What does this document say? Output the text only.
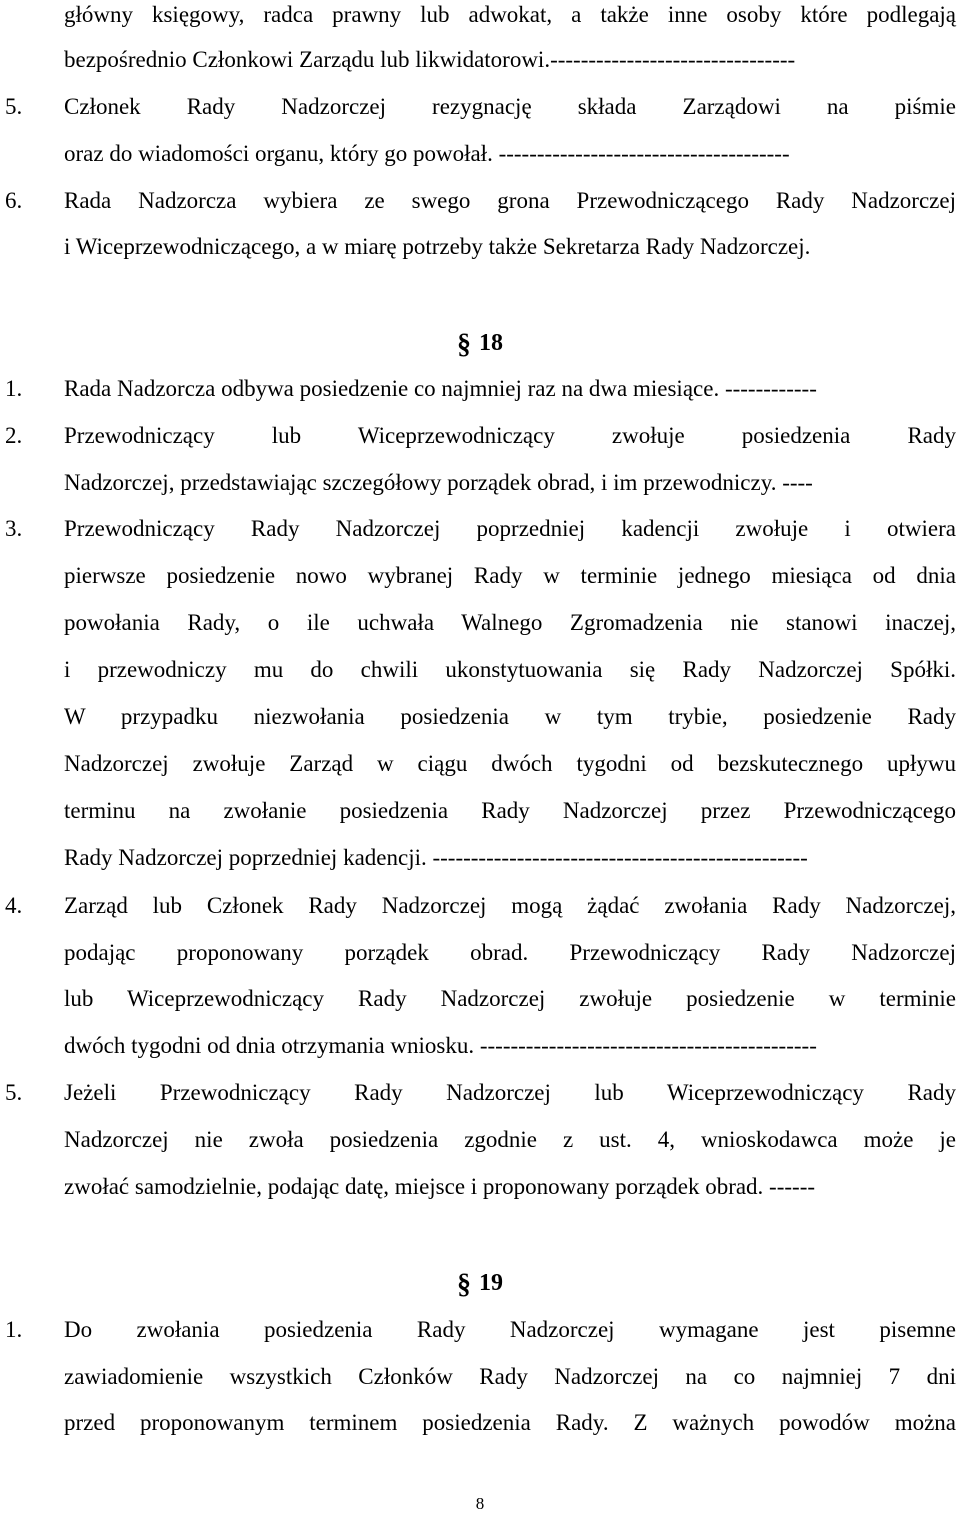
główny księgowy, radca prawny lub adwokat, a także inne osoby które podlegają
bezpośrednio Członkowi Zarządu lub likwidatorowi.--------------------------------
5. Członek Rady Nadzorczej rezygnację składa Zarządowi na piśmie
oraz do wiadomości organu, który go powołał. --------------------------------------
6. Rada Nadzorcza wybiera ze swego grona Przewodniczącego Rady Nadzorczej
i Wiceprzewodniczącego, a w miarę potrzeby także Sekretarza Rady Nadzorczej.
§ 18
1. Rada Nadzorcza odbywa posiedzenie co najmniej raz na dwa miesiące. ------------
2. Przewodniczący lub Wiceprzewodniczący zwołuje posiedzenia Rady
Nadzorczej, przedstawiając szczegółowy porządek obrad, i im przewodniczy. ----
3. Przewodniczący Rady Nadzorczej poprzedniej kadencji zwołuje i otwiera
pierwsze posiedzenie nowo wybranej Rady w terminie jednego miesiąca od dnia
powołania Rady, o ile uchwała Walnego Zgromadzenia nie stanowi inaczej,
i przewodniczy mu do chwili ukonstytuowania się Rady Nadzorczej Spółki.
W przypadku niezwołania posiedzenia w tym trybie, posiedzenie Rady
Nadzorczej zwołuje Zarząd w ciągu dwóch tygodni od bezskutecznego upływu
terminu na zwołanie posiedzenia Rady Nadzorczej przez Przewodniczącego
Rady Nadzorczej poprzedniej kadencji. -------------------------------------------------
4. Zarząd lub Członek Rady Nadzorczej mogą żądać zwołania Rady Nadzorczej,
podając proponowany porządek obrad. Przewodniczący Rady Nadzorczej
lub Wiceprzewodniczący Rady Nadzorczej zwołuje posiedzenie w terminie
dwóch tygodni od dnia otrzymania wniosku. --------------------------------------------
5. Jeżeli Przewodniczący Rady Nadzorczej lub Wiceprzewodniczący Rady
Nadzorczej nie zwoła posiedzenia zgodnie z ust. 4, wnioskodawca może je
zwołać samodzielnie, podając datę, miejsce i proponowany porządek obrad. ------
§ 19
1. Do zwołania posiedzenia Rady Nadzorczej wymagane jest pisemne
zawiadomienie wszystkich Członków Rady Nadzorczej na co najmniej 7 dni
przed proponowanym terminem posiedzenia Rady. Z ważnych powodów można
8
